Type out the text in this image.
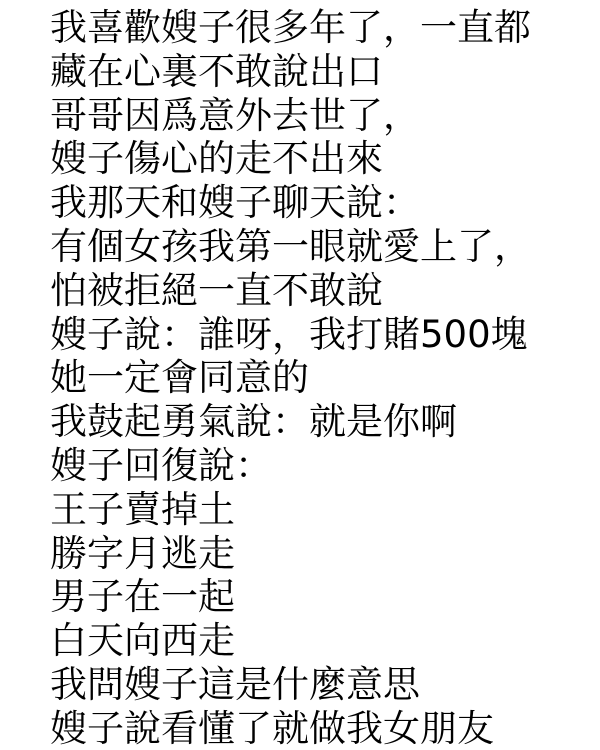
我喜歡嫂子很多年了，一直都
藏在心裏不敢說出口
哥哥因爲意外去世了，
嫂子傷心的走不出來
我那天和嫂子聊天說：
有個女孩我第一眼就愛上了，
怕被拒絕一直不敢說
嫂子說：誰呀，我打賭500塊
她一定會同意的
我鼓起勇氣說：就是你啊
嫂子回復說：
王子賣掉土
勝字月逃走
男子在一起
白天向西走
我問嫂子這是什麼意思
嫂子說看懂了就做我女朋友
